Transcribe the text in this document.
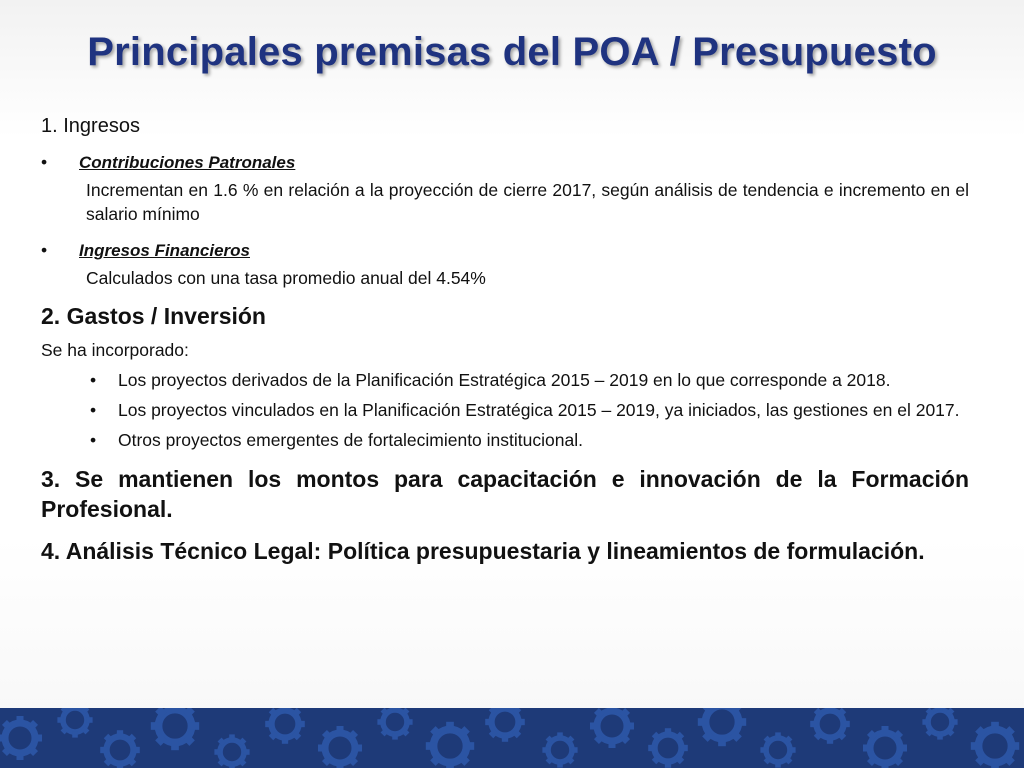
Principales premisas del POA / Presupuesto
1. Ingresos
• Contribuciones Patronales
Incrementan en 1.6 % en relación a la proyección de cierre 2017, según análisis de tendencia e incremento en el salario mínimo
• Ingresos Financieros
Calculados con una tasa promedio anual del 4.54%
2. Gastos / Inversión
Se ha incorporado:
• Los proyectos derivados de la Planificación Estratégica 2015 – 2019 en lo que corresponde a 2018.
• Los proyectos vinculados en la Planificación Estratégica 2015 – 2019, ya iniciados, las gestiones en el 2017.
• Otros proyectos emergentes de fortalecimiento institucional.
3. Se mantienen los montos para capacitación e innovación de la Formación Profesional.
4. Análisis Técnico Legal: Política presupuestaria y lineamientos de formulación.
